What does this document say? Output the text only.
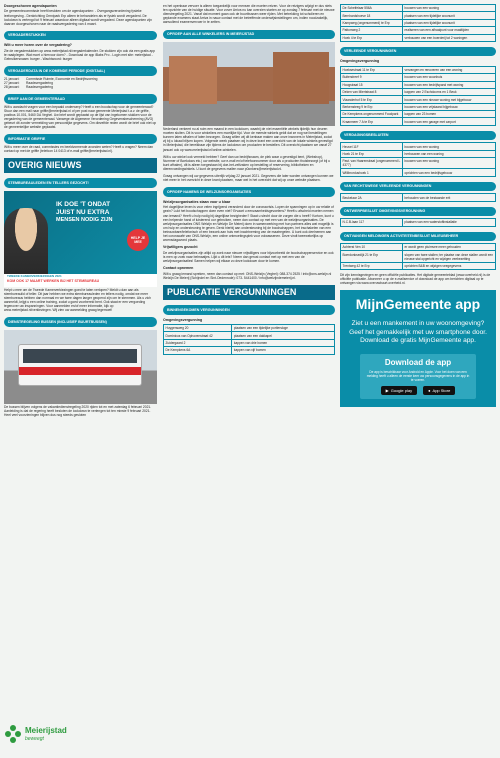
Doorgeschoven agendapunten
De gemeentecommissie heeft besloten om de agendapunten: - Overgangsverordening fysieke leefomgeving - Denkrichting Omnipark Erp alleen te behandelen als er fysiek wordt vergaderd. De lockdown is verlengd tot 9 februari waardoor alleen digitaal wordt vergaderd. Deze agendapunten zijn daarom doorgeschoven naar de raadsvergadering van 4 maart.
VERGADERSTUKKEN
Wilt u meer horen over de vergadering?
Zie de vergaderstukken op www.meierijstad.nl/vergaderkalender. De stukken zijn ook via een gratis app te raadplegen. Wat moet u hiervoor doen? - Download de app iBabs Pro - Login met site: meierijstad - Gebruikersnaam: burger - Wachtwoord: burger
VERGADERDATA IN DE KOMENDE PERIODE (DIGITAAL)
21 januari:	Commissie Ruimte, Economie en Bedrijfsvoering
27 januari:	Raadsvergadering
28 januari:	Raadsvergadering
BRIEF AAN DE GEMEENTERAAD
Wilt u aandacht vragen voor een bepaald onderwerp? Heeft u een boodschap voor de gemeenteraad? Stuur dan een mail naar griffie@meierijstad.nl of per post naar gemeente Meierijstad t.a.v. de griffie, postbus 10.001, 5460 DA Veghel. Uw brief wordt geplaatst op de lijst van ingekomen stukken voor de vergadering van de gemeenteraad. Vanwege de Algemene Verordening Gegevensbescherming (AVG) gebeurt dit zonder vermelding van persoonlijke gegevens. Om diezelfde reden wordt de brief ook niet op de gemeentelijke website geplaatst.
INFORMATIE GRIFFIE
Wilt u meer over de raad, commissies en beeldvormende avonden weten? Heeft u vragen? Neem dan contact op met de griffie (telefoon 14 0413 of e-mail griffie@meierijstad.nl).
OVERIG NIEUWS
STEMBUREAULEDEN EN TELLERS GEZOCHT!
IK DOE 'T ONDAT
JUIST NU EXTRA
MENSEN NODIG ZIJN
HELP JE MEE
TWEEDE KAMERVERKIEZINGEN 2021
KOM OOK 17 MAART WERKEN BIJ HET STEMBUREAU
Helpt u mee om de Tweede Kamerverkiezingen goed te laten verlopen? Meldt u dan aan als stembureaulid of teller. Dit jaar hebben we extra stembureauleden en tellers nodig, omdat we meer stembureaus hebben dan normaal en we twee dagen langer geopend zijn om te stemmen. Als u zich aanmeldt, krijgt u een online training, zodat u goed voorbereid bent. Ook staat er een vergoeding tegenover uw inspanningen. Voor aanmelden en/of meer informatie, kijk op www.meierijstad.nl/verkiezingen. Wij zien uw aanmelding graag tegemoet!
DIENSTREGELING BUSSEN (INCLUSIEF BUURTBUSSEN)
De bussen blijven volgens de vakantiedienstregeling 2020 rijden tot en met zaterdag 6 februari 2021. Aanleiding is dat de regering heeft besloten de lockdown te verlengen tot ten minste 9 februari 2021. Heel veel voorzieningen blijven dus nog steeds gesloten
Meierijstad
beweegt
en het openbaar vervoer is alleen toegankelijk voor mensen die moeten reizen. Voor de reizigers wijzigt er dus niets ten opzichte van de huidige situatie. Voor zover Arriva nu kan overzien starten ze op zondag 7 februari met de nieuwe dienstregeling 2021. Vanaf dat moment gaan ook de buurtbussen weer rijden. Met betrekking tot scholieren en geplande examens staat Arriva in nauw contact met de betreffende onderwijsinstellingen om, indien noodzakelijk, aanvullend examenvervoer in te zetten.
OPROEP AAN ALLE WINKELIERS IN MEIERIJSTAD
Nederland verkeert nu al ruim een maand in een lockdown, waarbij de niet essentiële winkels tijdelijk hun deuren moeten sluiten. Dit is voor winkeliers een moeilijke tijd. Voor de meeste winkels geldt dat ze nog wel bestellingen kunnen laten afhalen of laten bezorgen. Graag willen wij dit kenbaar maken aan onze inwoners in Meierijstad, zodat zij bij u lokaal blijven kopen. Volgende week plaatsen wij in deze krant een overzicht van de lokale winkels gevestigd in Meierijstad, die bereikbaar zijn tijdens de lockdown om producten te bestellen. Dit overzicht plaatsen we vanaf 27 januari ook op www.meierijstad.nl/online-winkelen.
Wilt u uw winkel ook vermeld hebben? Geef dan uw bedrijfsnaam, de plek waar u gevestigd bent, (Webshop), Nummer of Boekdoos etc.) uw website, uw e-mail en/of telefoonnummer door als u producten thuisbezorgt (of bij u kunt afhalen), dit is alleen toegestaan bij doe-het-zelfzaken op bestelling of reservering, bibliotheken en dierenvoedingwinkels. U kunt de gegevens mailen naar p0onkers@meierijstad.nl.
Graag ontvangen wij uw gegevens uiterlijk vrijdag 22 januari 2021. Gegevens die later worden ontvangen kunnen we niet meer in het overzicht in deze krant plaatsen, maar wel in het overzicht dat wij op onze website plaatsen.
OPROEP NAMENS DE WELZIJNSORGANISATIES
Welzijnsorganisaties staan voor u klaar
Het dagelijkse leven is voor velen ingrijpend veranderd door de coronacrisis. Lopen de spanningen op in uw relatie of gezin? Lukt het boodschappen doen even niet? Ervaart u eenzaamheidsgevoelens? Heeft u afscheid moeten nemen van iemand? Heeft u hulp nodig bij dagelijkse bezigheden? Staat u slecht door de zorgen die u heeft? Kortom, kunt u een helpende hand of luisterend oor gebruiken, neem dan contact op met een van de welzijnsorganisaties. De welzijnsorganisaties ONS Welzijn en Welzijn De Meierij doen in samenwerking met hun partners alles wat mogelijk is om hulp en ondersteuning te geven. Denk hierbij aan ondersteuning bij de boodschappen, het inschakelen van een betrouwbare/telefonisch of een bezoek aan huis met inachtneming van de maatregelen. U kunt ook deelnemen aan het coronacafé van ONS-Welzijn, een online ontmoetingsplek voor volwassenen. Deze vindt tweewekelijks op woensdagavond plaats.
Vrijwilligers gezocht
De welzijnsorganisaties zijn altijd op zoek naar nieuwe vrijwilligers voor bijvoorbeeld de boodschappenservice en ook is men op zoek naar belmaatjes. Lijkt u dit iets? Neem dan gerust contact met op met een van de welzijnsorganisaties! Samen helpen wij elkaar zo deze lockdown door te komen.
Contact opnemen
Wilt u graag iemand spreken, neem dan contact op met: ONS-Welzijn (Veghel): 088-374 2525 / info@ons-welzijn.nl Welzijn De Meierij (Schijndel en Sint-Oedenrode): 073- 5441400 / info@welzijndemeierij.nl.
PUBLICATIE VERGUNNINGEN
BINNENGEKOMEN VERGUNNINGEN
Omgevingsvergunning
Huygensweg 20	plaatsen van een tijdelijke portiersloge
Dominicus van Ophovenstraat 42	plaatsen van een dakkapel
Zuidergaard 2	kappen van drie bomen
De Kempkens 6A	kappen van vijf bomen
De Scheifelaar 556A	bouwen van een woning
Bernhardshoeve 18	plaatsen van een tijdelijke woonunit
Kampweg (ongenummerd) te Erp	plaatsen van een tijdelijke woonunit
Pattonweg 2	realiseren van een afhaalpunt voor maaltijden
Hoek 4 te Erp	verbouwen van een boerderij tot 2 woningen
VERLEENDE VERGUNNINGEN
Omgevingsvergunning
Hoeksestraat 11 te Erp	vervangen en renoveren van een woning
Buitendreef 9	bouwen van een woonhuis
Hoogstraat 15	bouwen van een bedrijfspand met woning
Deken van Miertstraat 8	kappen van 2 Eschdoorns en 1 Beuk
Vlaanderhof 5 te Erp	bouwen van een nieuwe woning met bijgebouw
Berkensteeg 9 te Erp	bouwen van een vrijstaand bijgebouw
De Kempkens ongenummerd Foodpark	kappen van 23 bomen
Kraanmeer 7 A te Erp	bouwen van een garage met carport
VERDAGINGSBESLUITEN
Heuvel 11F	bouwen van een woning
Hoek 21 te Erp	herbouwen van een woning
Past. van Haarenstraat (ongenummerd L 4377)	bouwen van een woning
Willibrordushoek 1	oprichten van een bedrijfsgebouw
VAN RECHTSWEGE VERLEENDE VERGUNNINGEN
Beukelaar 2A	behouden van de bestaande erit
ONTWERPBESLUIT OMGEVINGSVERGUNNING
N.C.B-laan 117	plaatsen van een waterstoftinstallatie
ONTVANGEN MELDINGEN ACTIVITEITENBESLUIT MILIEUBEHEER
Achterst Ven 10	er wordt geen pluimvee meer gehouden
Boerdonksedijk 21 te Erp	slopen van twee stallen; ter plaatse van deze stallen wordt een nieuwe stal opgericht en wijzigen veebezetting
Trentweg 42 te Erp	oprichten B&B en wijzigen veegegevens
Dit zijn kennisgevingen en geen officiële publicaties. Het digitale gemeenteblad (www.overheid.nl) is de officiële publicatie. Abonneer u op de e-mailservice of download de app om berichten digitaal op te ontvangen via www.overuwbuurt.overheid.nl.
MijnGemeente app
Ziet u een mankement in uw woonomgeving? Geef het gemakkelijk met uw smartphone door. Download de gratis MijnGemeente app.
Download de app
De app is beschikbaar voor Android en Apple. Voor het doen van een melding heeft u alleen de eerste keer uw persoonsgegevens in de app in te voeren.
▶ Google play	● App Store
